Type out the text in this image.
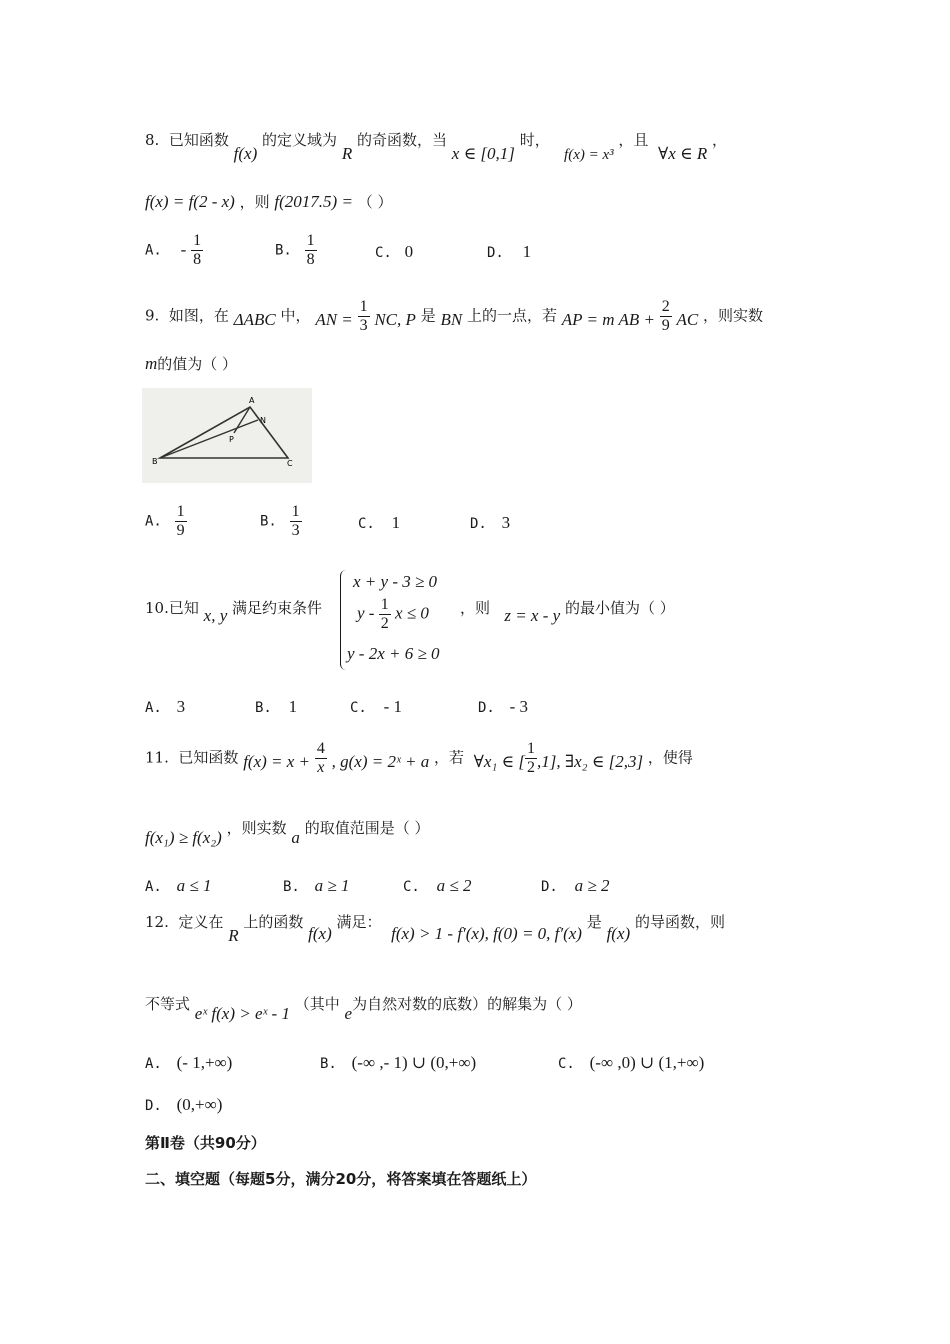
8. 已知函数 f(x) 的定义域为 R 的奇函数，当 x ∈ [0,1] 时，   f(x) = x³ ，且  ∀x ∈ R ，
f(x) = f(2 - x) ，则 f(2017.5) = （ ）
A. - $\frac{1}{8}$	B. $\frac{1}{8}$	C. 0	D. 1
9. 如图，在 ΔABC 中， AN = $\frac{1}{3}$ NC, P 是 BN 上的一点，若 AP = m AB + $\frac{2}{9}$ AC ，则实数
m的值为（ ）
A
N
P
B	C
A. $\frac{1}{9}$	B. $\frac{1}{3}$	C. 1	D. 3
10.已知 x, y 满足约束条件	，则 z = x - y 的最小值为（ ）
x + y - 3 ≥ 0
y - $\frac{1}{2}$ x ≤ 0
y - 2x + 6 ≥ 0
A. 3	B. 1	C. - 1	D. - 3
11. 已知函数 $f(x) = x + \frac{4}{x}$ , g(x) = 2ˣ + a ，若 ∀x₁ ∈ [ $\frac{1}{2} ,1$], ∃x₂ ∈ [2,3] ，使得
f(x₁) ≥ f(x₂) ，则实数 a 的取值范围是（ ）
A. a ≤ 1	B. a ≥ 1	C. a ≤ 2	D. a ≥ 2
12. 定义在 R 上的函数 f(x) 满足：  f(x) > 1 - f′(x), f(0) = 0, f′(x) 是 f(x) 的导函数，则
不等式 eˣ f(x) > eˣ - 1 （其中 e为自然对数的底数）的解集为（ ）
A. (- 1,+∞)	B. (-∞ ,- 1) ∪ (0,+∞)	C. (-∞ ,0) ∪ (1,+∞)
D. (0,+∞)
第Ⅱ卷（共90分）
二、填空题（每题5分，满分20分，将答案填在答题纸上）
